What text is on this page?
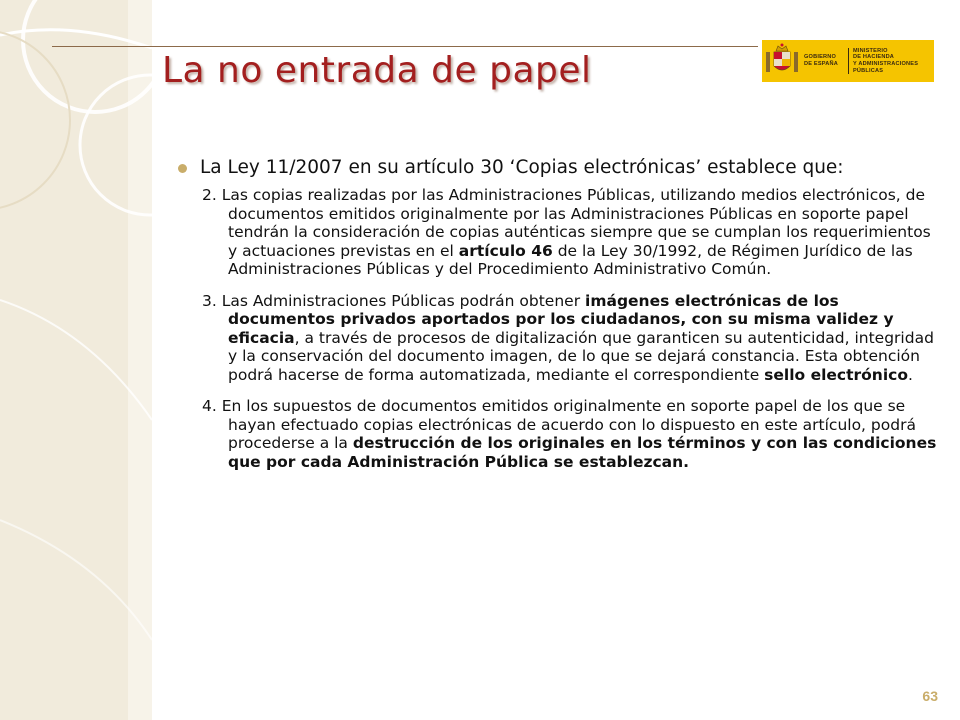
La no entrada de papel	GOBIERNO
DE ESPAÑA
MINISTERIO
DE HACIENDA
Y ADMINISTRACIONES PÚBLICAS
La Ley 11/2007 en su artículo 30 ‘Copias electrónicas’ establece que:

2. Las copias realizadas por las Administraciones Públicas, utilizando medios electrónicos, de documentos emitidos originalmente por las Administraciones Públicas en soporte papel tendrán la consideración de copias auténticas siempre que se cumplan los requerimientos y actuaciones previstas en el artículo 46 de la Ley 30/1992, de Régimen Jurídico de las Administraciones Públicas y del Procedimiento Administrativo Común.

3. Las Administraciones Públicas podrán obtener imágenes electrónicas de los documentos privados aportados por los ciudadanos, con su misma validez y eficacia, a través de procesos de digitalización que garanticen su autenticidad, integridad y la conservación del documento imagen, de lo que se dejará constancia. Esta obtención podrá hacerse de forma automatizada, mediante el correspondiente sello electrónico.

4. En los supuestos de documentos emitidos originalmente en soporte papel de los que se hayan efectuado copias electrónicas de acuerdo con lo dispuesto en este artículo, podrá procederse a la destrucción de los originales en los términos y con las condiciones que por cada Administración Pública se establezcan.

63
